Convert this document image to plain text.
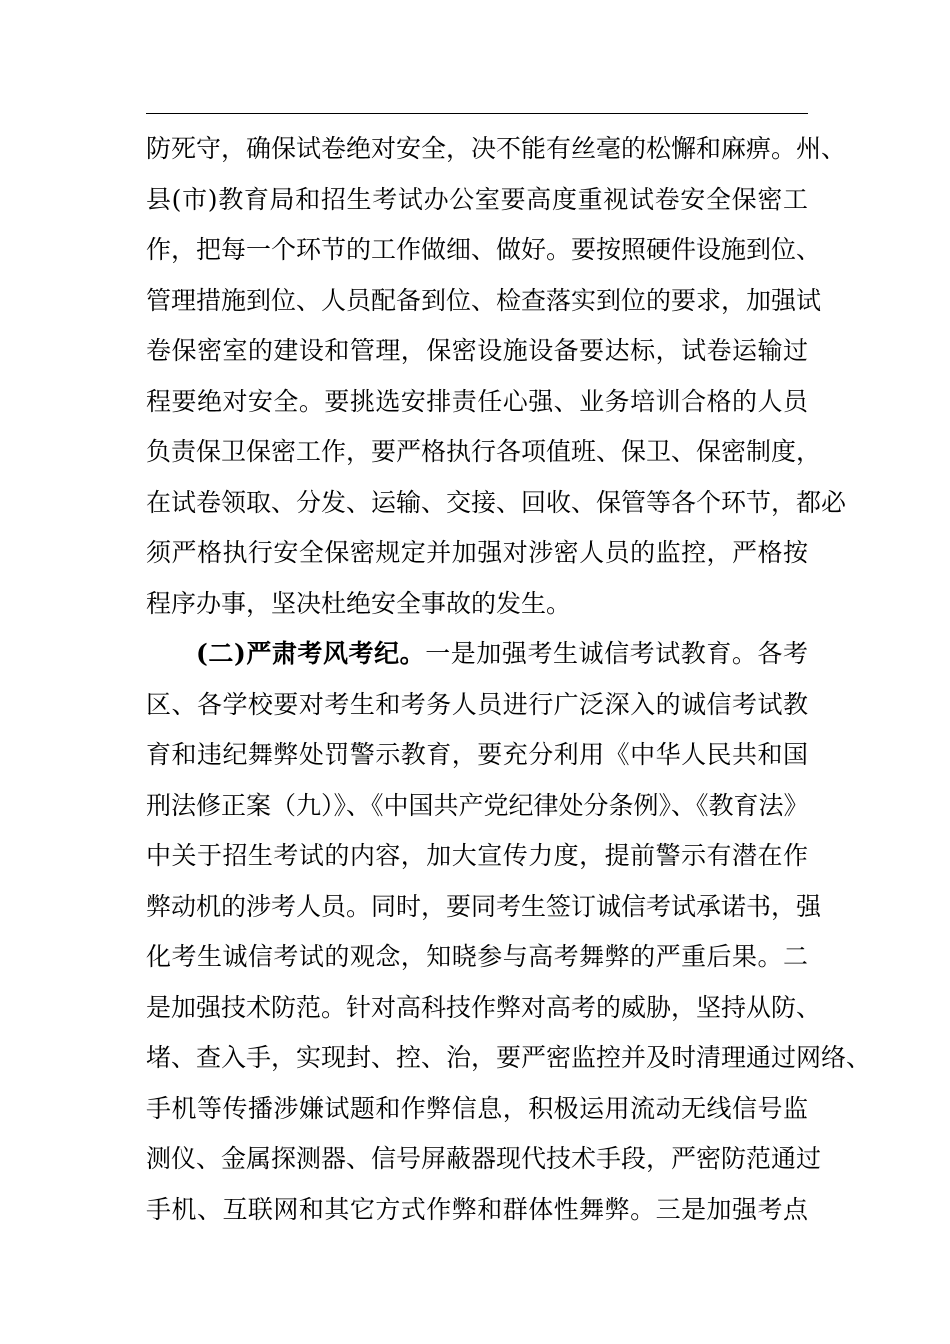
防死守，确保试卷绝对安全，决不能有丝毫的松懈和麻痹。州、
县(市)教育局和招生考试办公室要高度重视试卷安全保密工
作，把每一个环节的工作做细、做好。要按照硬件设施到位、
管理措施到位、人员配备到位、检查落实到位的要求，加强试
卷保密室的建设和管理，保密设施设备要达标，试卷运输过
程要绝对安全。要挑选安排责任心强、业务培训合格的人员
负责保卫保密工作，要严格执行各项值班、保卫、保密制度，
在试卷领取、分发、运输、交接、回收、保管等各个环节，都必
须严格执行安全保密规定并加强对涉密人员的监控，严格按
程序办事，坚决杜绝安全事故的发生。
(二)严肃考风考纪。一是加强考生诚信考试教育。各考
区、各学校要对考生和考务人员进行广泛深入的诚信考试教
育和违纪舞弊处罚警示教育，要充分利用《中华人民共和国
刑法修正案（九）》、《中国共产党纪律处分条例》、《教育法》
中关于招生考试的内容，加大宣传力度，提前警示有潜在作
弊动机的涉考人员。同时，要同考生签订诚信考试承诺书，强
化考生诚信考试的观念，知晓参与高考舞弊的严重后果。二
是加强技术防范。针对高科技作弊对高考的威胁，坚持从防、
堵、查入手，实现封、控、治，要严密监控并及时清理通过网络、
手机等传播涉嫌试题和作弊信息，积极运用流动无线信号监
测仪、金属探测器、信号屏蔽器现代技术手段，严密防范通过
手机、互联网和其它方式作弊和群体性舞弊。三是加强考点
